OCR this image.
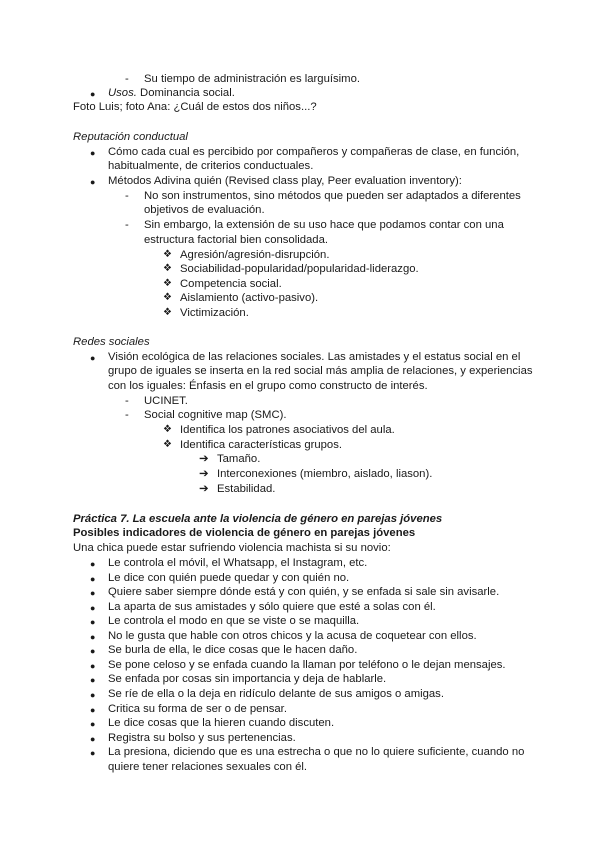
- Su tiempo de administración es larguísimo.
● Usos. Dominancia social.
Foto Luis; foto Ana: ¿Cuál de estos dos niños...?
Reputación conductual
● Cómo cada cual es percibido por compañeros y compañeras de clase, en función,
habitualmente, de criterios conductuales.
● Métodos Adivina quién (Revised class play, Peer evaluation inventory):
- No son instrumentos, sino métodos que pueden ser adaptados a diferentes
objetivos de evaluación.
- Sin embargo, la extensión de su uso hace que podamos contar con una
estructura factorial bien consolidada.
❖ Agresión/agresión-disrupción.
❖ Sociabilidad-popularidad/popularidad-liderazgo.
❖ Competencia social.
❖ Aislamiento (activo-pasivo).
❖ Victimización.
Redes sociales
● Visión ecológica de las relaciones sociales. Las amistades y el estatus social en el
grupo de iguales se inserta en la red social más amplia de relaciones, y experiencias
con los iguales: Énfasis en el grupo como constructo de interés.
- UCINET.
- Social cognitive map (SMC).
❖ Identifica los patrones asociativos del aula.
❖ Identifica características grupos.
➔ Tamaño.
➔ Interconexiones (miembro, aislado, liason).
➔ Estabilidad.
Práctica 7. La escuela ante la violencia de género en parejas jóvenes
Posibles indicadores de violencia de género en parejas jóvenes
Una chica puede estar sufriendo violencia machista si su novio:
● Le controla el móvil, el Whatsapp, el Instagram, etc.
● Le dice con quién puede quedar y con quién no.
● Quiere saber siempre dónde está y con quién, y se enfada si sale sin avisarle.
● La aparta de sus amistades y sólo quiere que esté a solas con él.
● Le controla el modo en que se viste o se maquilla.
● No le gusta que hable con otros chicos y la acusa de coquetear con ellos.
● Se burla de ella, le dice cosas que le hacen daño.
● Se pone celoso y se enfada cuando la llaman por teléfono o le dejan mensajes.
● Se enfada por cosas sin importancia y deja de hablarle.
● Se ríe de ella o la deja en ridículo delante de sus amigos o amigas.
● Critica su forma de ser o de pensar.
● Le dice cosas que la hieren cuando discuten.
● Registra su bolso y sus pertenencias.
● La presiona, diciendo que es una estrecha o que no lo quiere suficiente, cuando no
quiere tener relaciones sexuales con él.
